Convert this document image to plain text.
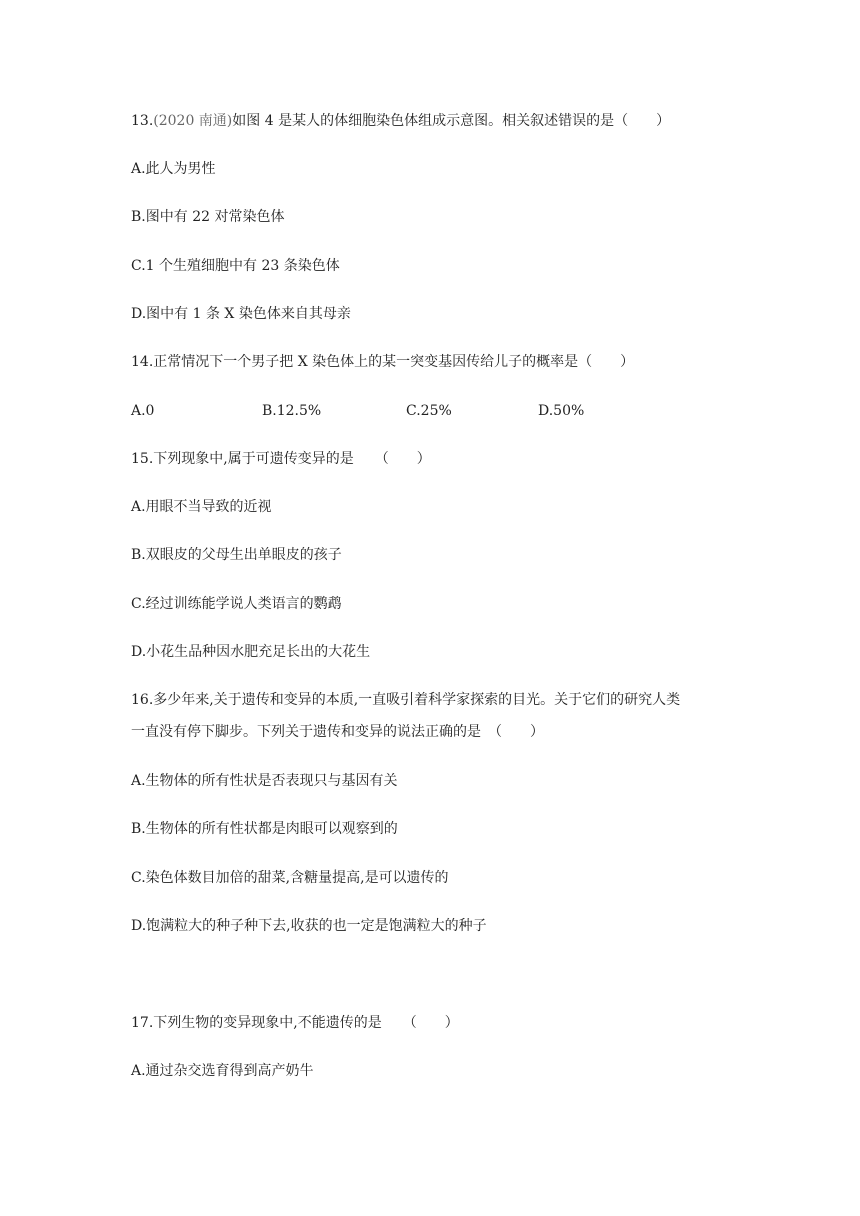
13.(2020 南通)如图 4 是某人的体细胞染色体组成示意图。相关叙述错误的是（　　）

A.此人为男性

B.图中有 22 对常染色体

C.1 个生殖细胞中有 23 条染色体

D.图中有 1 条 X 染色体来自其母亲

14.正常情况下一个男子把 X 染色体上的某一突变基因传给儿子的概率是（　　）

A.0	B.12.5%	C.25%	D.50%

15.下列现象中,属于可遗传变异的是　　（　　）

A.用眼不当导致的近视

B.双眼皮的父母生出单眼皮的孩子

C.经过训练能学说人类语言的鹦鹉

D.小花生品种因水肥充足长出的大花生

16.多少年来,关于遗传和变异的本质,一直吸引着科学家探索的目光。关于它们的研究人类

一直没有停下脚步。下列关于遗传和变异的说法正确的是　（　　）

A.生物体的所有性状是否表现只与基因有关

B.生物体的所有性状都是肉眼可以观察到的

C.染色体数目加倍的甜菜,含糖量提高,是可以遗传的

D.饱满粒大的种子种下去,收获的也一定是饱满粒大的种子

17.下列生物的变异现象中,不能遗传的是　　（　　）

A.通过杂交选育得到高产奶牛
